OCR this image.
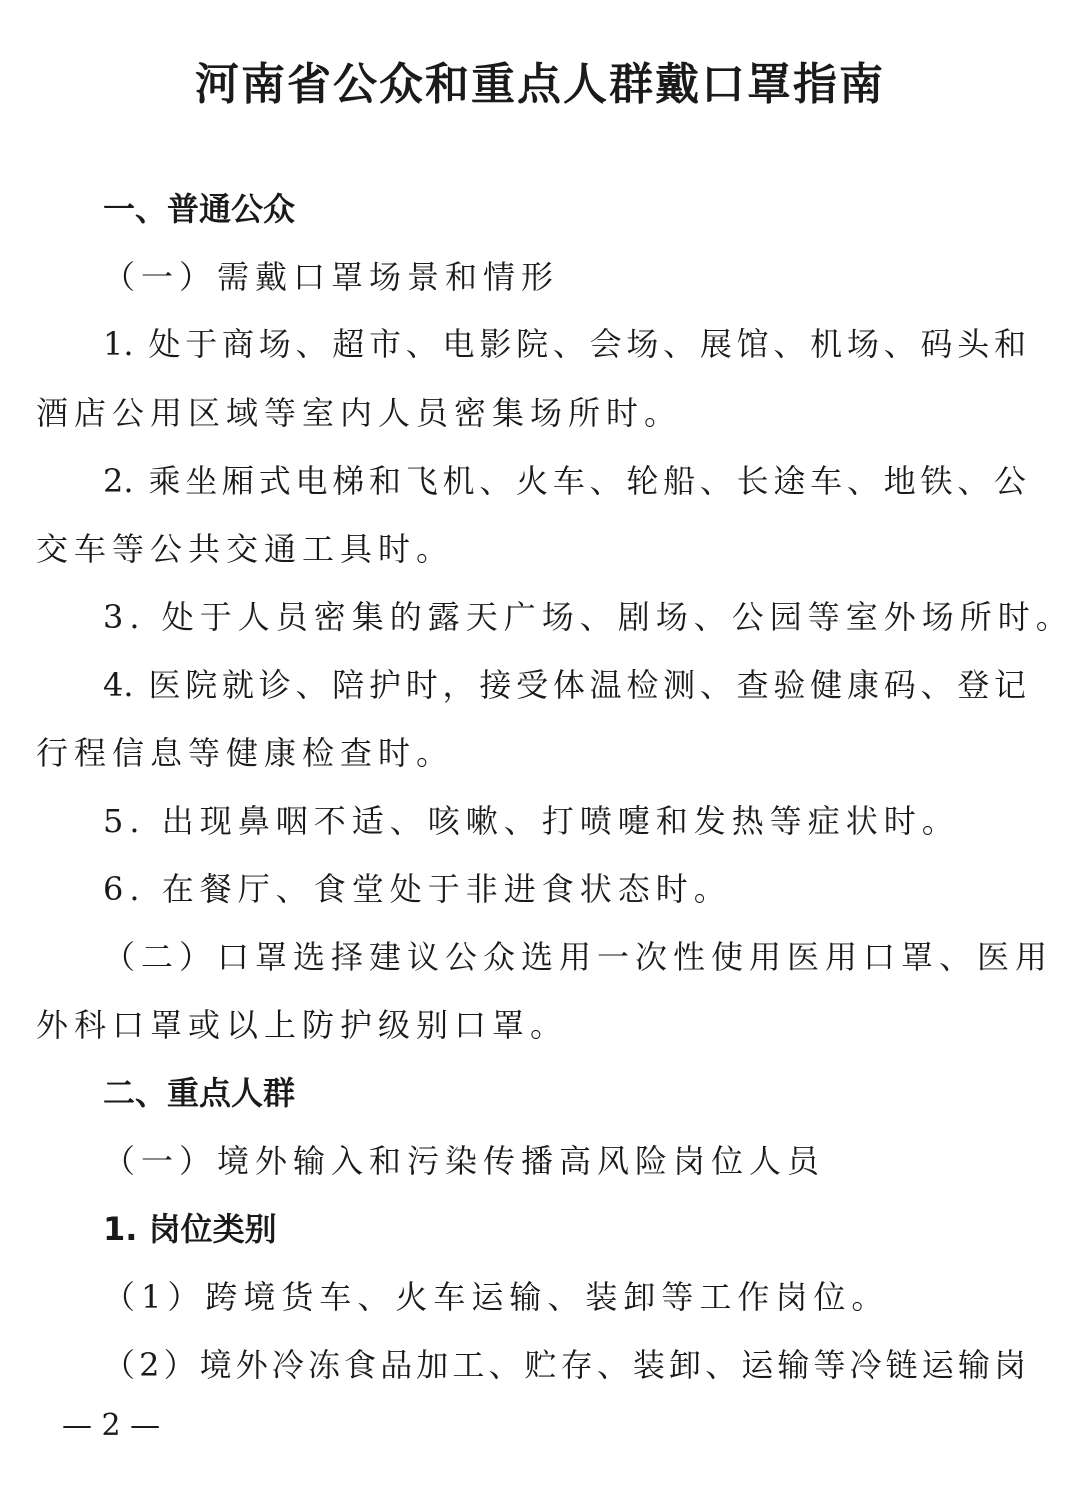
河南省公众和重点人群戴口罩指南
一、普通公众
（一）需戴口罩场景和情形
1. 处于商场、超市、电影院、会场、展馆、机场、码头和
酒店公用区域等室内人员密集场所时。
2. 乘坐厢式电梯和飞机、火车、轮船、长途车、地铁、公
交车等公共交通工具时。
3. 处于人员密集的露天广场、剧场、公园等室外场所时。
4. 医院就诊、陪护时，接受体温检测、查验健康码、登记
行程信息等健康检查时。
5. 出现鼻咽不适、咳嗽、打喷嚏和发热等症状时。
6. 在餐厅、食堂处于非进食状态时。
（二）口罩选择 建议公众选用一次性使用医用口罩、医用
外科口罩或以上防护级别口罩。
二、重点人群
（一）境外输入和污染传播高风险岗位人员
1. 岗位类别
（1）跨境货车、火车运输、装卸等工作岗位。
（2）境外冷冻食品加工、贮存、装卸、运输等冷链运输岗
— 2 —
